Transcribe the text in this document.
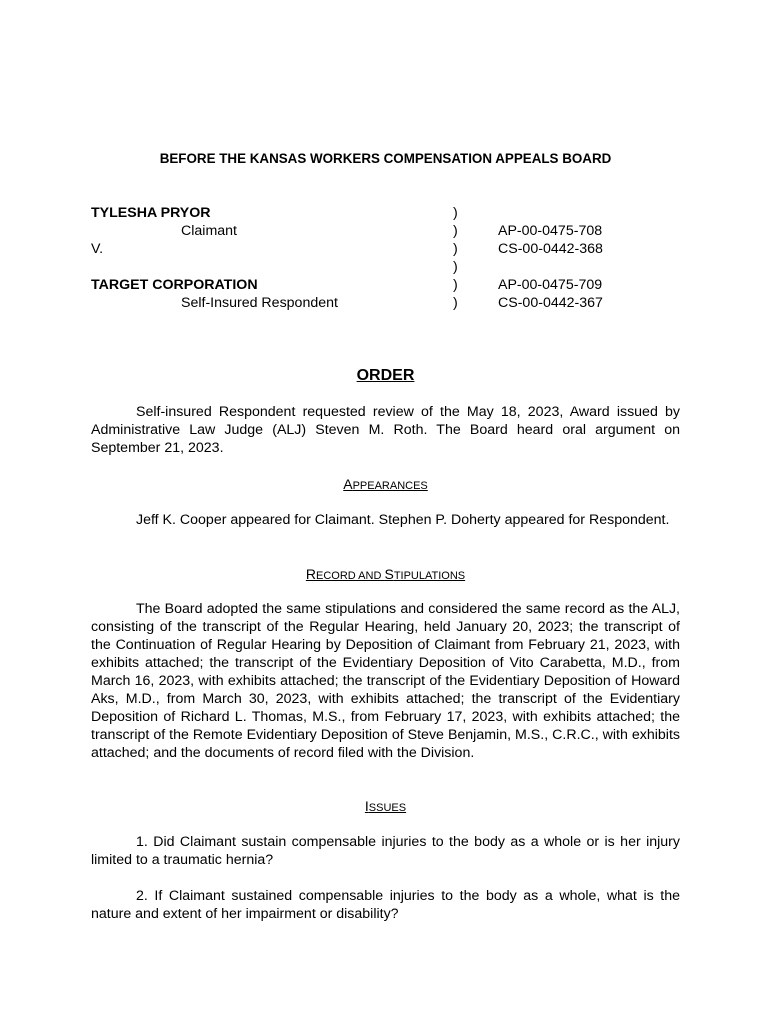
BEFORE THE KANSAS WORKERS COMPENSATION APPEALS BOARD
TYLESHA PRYOR
Claimant
V.
TARGET CORPORATION
Self-Insured Respondent
)
)
)
)
)
)
AP-00-0475-708
CS-00-0442-368
AP-00-0475-709
CS-00-0442-367
ORDER

Self-insured Respondent requested review of the May 18, 2023, Award issued by Administrative Law Judge (ALJ) Steven M. Roth. The Board heard oral argument on September 21, 2023.

APPEARANCES

Jeff K. Cooper appeared for Claimant. Stephen P. Doherty appeared for Respondent.

RECORD AND STIPULATIONS

The Board adopted the same stipulations and considered the same record as the ALJ, consisting of the transcript of the Regular Hearing, held January 20, 2023; the transcript of the Continuation of Regular Hearing by Deposition of Claimant from February 21, 2023, with exhibits attached; the transcript of the Evidentiary Deposition of Vito Carabetta, M.D., from March 16, 2023, with exhibits attached; the transcript of the Evidentiary Deposition of Howard Aks, M.D., from March 30, 2023, with exhibits attached; the transcript of the Evidentiary Deposition of Richard L. Thomas, M.S., from February 17, 2023, with exhibits attached; the transcript of the Remote Evidentiary Deposition of Steve Benjamin, M.S., C.R.C., with exhibits attached; and the documents of record filed with the Division.

ISSUES

1. Did Claimant sustain compensable injuries to the body as a whole or is her injury limited to a traumatic hernia?

2. If Claimant sustained compensable injuries to the body as a whole, what is the nature and extent of her impairment or disability?
